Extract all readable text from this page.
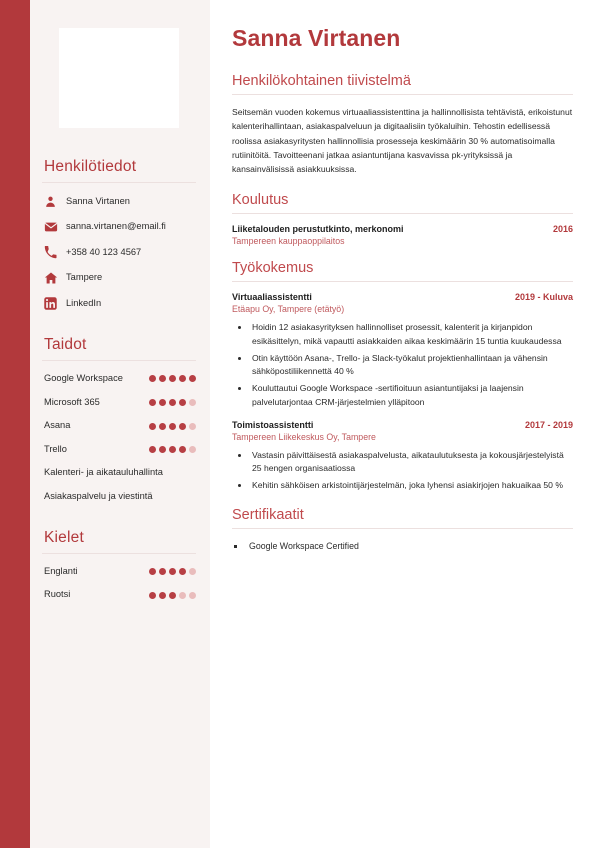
Henkilötiedot
Sanna Virtanen
sanna.virtanen@email.fi
+358 40 123 4567
Tampere
LinkedIn
Taidot
Google Workspace
Microsoft 365
Asana
Trello
Kalenteri- ja aikatauluhallinta
Asiakaspalvelu ja viestintä
Kielet
Englanti
Ruotsi
Sanna Virtanen
Henkilökohtainen tiivistelmä
Seitsemän vuoden kokemus virtuaaliassistenttina ja hallinnollisista tehtävistä, erikoistunut kalenterihallintaan, asiakaspalveluun ja digitaalisiin työkaluihin. Tehostin edellisessä roolissa asiakasyritysten hallinnollisia prosesseja keskimäärin 30 % automatisoimalla rutiinitöitä. Tavoitteenani jatkaa asiantuntijana kasvavissa pk-yrityksissä ja kansainvälisissä asiakkuuksissa.
Koulutus
Liiketalouden perustutkinto, merkonomi	2016
Tampereen kauppaoppilaitos
Työkokemus
Virtuaaliassistentti	2019 - Kuluva
Etäapu Oy, Tampere (etätyö)
• Hoidin 12 asiakasyrityksen hallinnolliset prosessit, kalenterit ja kirjanpidon esikäsittelyn, mikä vapautti asiakkaiden aikaa keskimäärin 15 tuntia kuukaudessa
• Otin käyttöön Asana-, Trello- ja Slack-työkalut projektienhallintaan ja vähensin sähköpostiliikennettä 40 %
• Kouluttautui Google Workspace -sertifioituun asiantuntijaksi ja laajensin palvelutarjontaa CRM-järjestelmien ylläpitoon
Toimistoassistentti	2017 - 2019
Tampereen Liikekeskus Oy, Tampere
• Vastasin päivittäisestä asiakaspalvelusta, aikataulutuksesta ja kokousjärjestelyistä 25 hengen organisaatiossa
• Kehitin sähköisen arkistointijärjestelmän, joka lyhensi asiakirjojen hakuaikaa 50 %
Sertifikaatit
▪ Google Workspace Certified
